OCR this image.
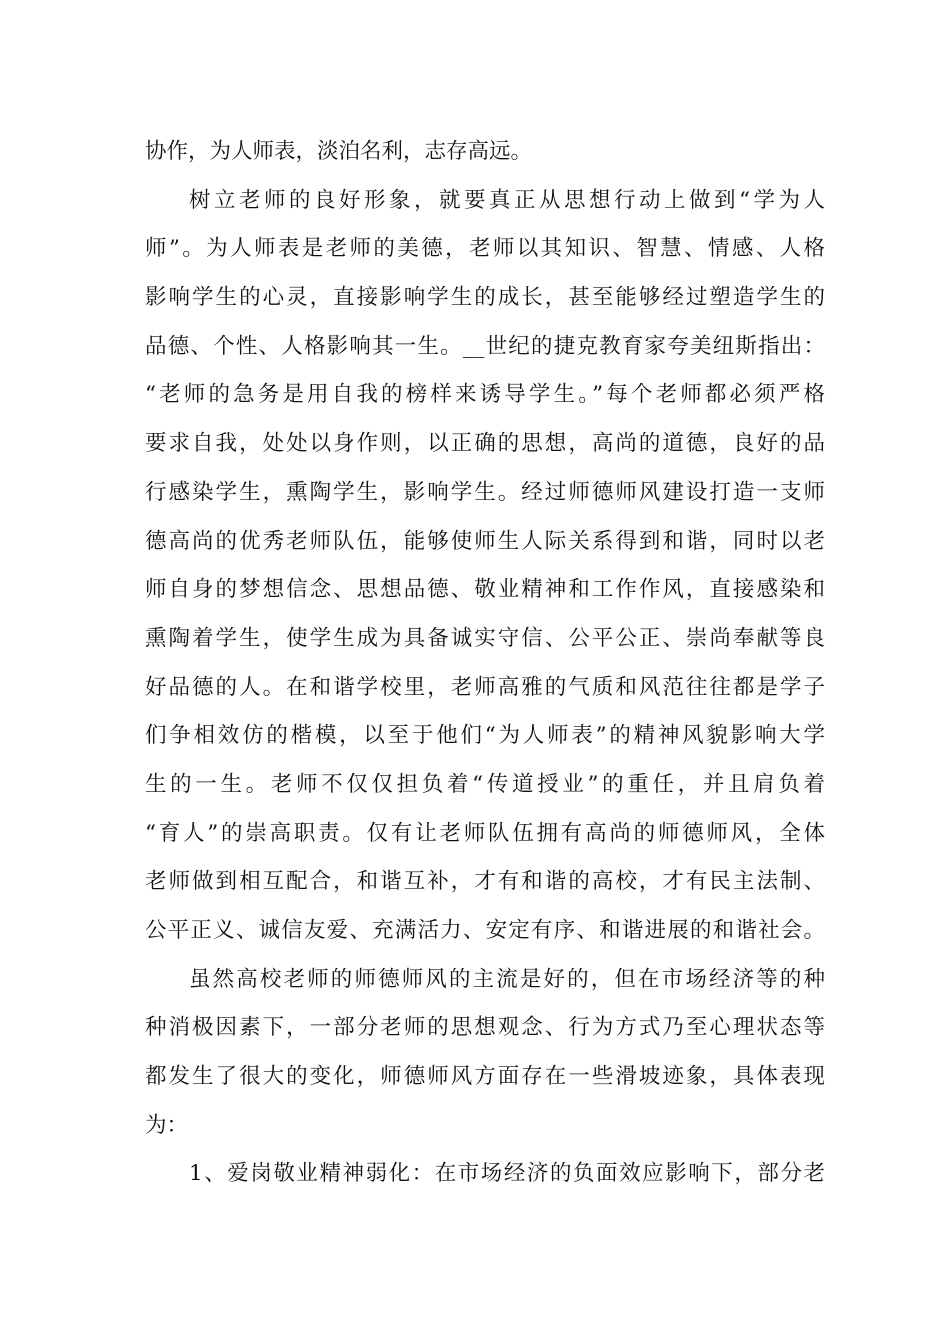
协作，为人师表，淡泊名利，志存高远。
树立老师的良好形象，就要真正从思想行动上做到“学为人
师”。为人师表是老师的美德，老师以其知识、智慧、情感、人格
影响学生的心灵，直接影响学生的成长，甚至能够经过塑造学生的
品德、个性、人格影响其一生。__世纪的捷克教育家夸美纽斯指出：
“老师的急务是用自我的榜样来诱导学生。”每个老师都必须严格
要求自我，处处以身作则，以正确的思想，高尚的道德，良好的品
行感染学生，熏陶学生，影响学生。经过师德师风建设打造一支师
德高尚的优秀老师队伍，能够使师生人际关系得到和谐，同时以老
师自身的梦想信念、思想品德、敬业精神和工作作风，直接感染和
熏陶着学生，使学生成为具备诚实守信、公平公正、崇尚奉献等良
好品德的人。在和谐学校里，老师高雅的气质和风范往往都是学子
们争相效仿的楷模，以至于他们“为人师表”的精神风貌影响大学
生的一生。老师不仅仅担负着“传道授业”的重任，并且肩负着
“育人”的崇高职责。仅有让老师队伍拥有高尚的师德师风，全体
老师做到相互配合，和谐互补，才有和谐的高校，才有民主法制、
公平正义、诚信友爱、充满活力、安定有序、和谐进展的和谐社会。
虽然高校老师的师德师风的主流是好的，但在市场经济等的种
种消极因素下，一部分老师的思想观念、行为方式乃至心理状态等
都发生了很大的变化，师德师风方面存在一些滑坡迹象，具体表现
为：
1、爱岗敬业精神弱化：在市场经济的负面效应影响下，部分老
